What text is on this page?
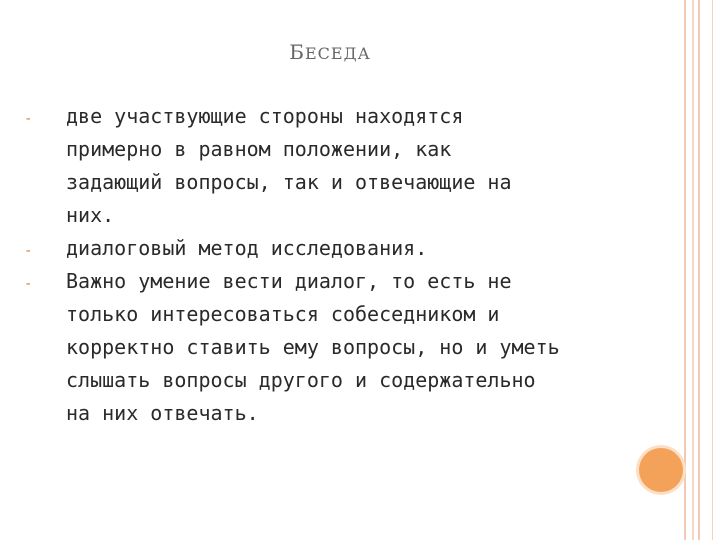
БЕСЕДА
- две участвующие стороны находятся
примерно в равном положении, как
задающий вопросы, так и отвечающие на
них.
- диалоговый метод исследования.
- Важно умение вести диалог, то есть не
только интересоваться собеседником и
корректно ставить ему вопросы, но и уметь
слышать вопросы другого и содержательно
на них отвечать.
